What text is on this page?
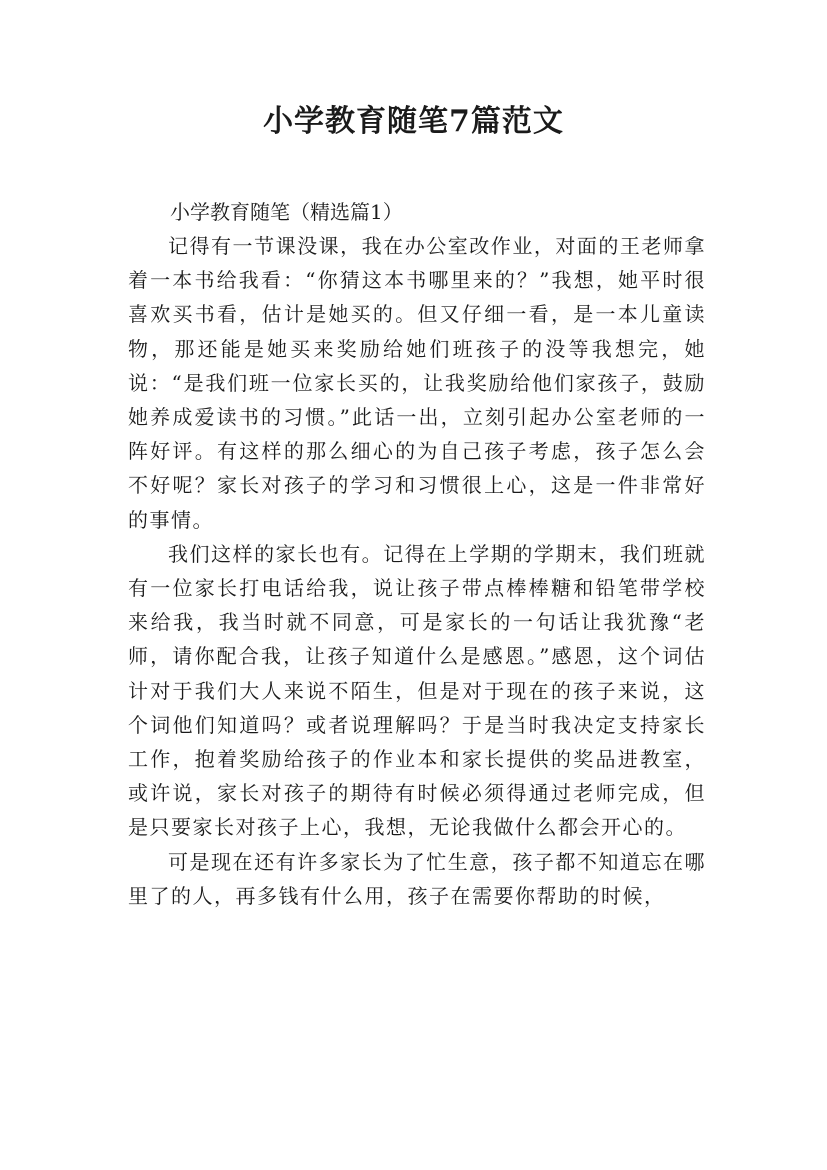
小学教育随笔7篇范文

小学教育随笔（精选篇1）

记得有一节课没课，我在办公室改作业，对面的王老师拿着一本书给我看：“你猜这本书哪里来的？”我想，她平时很喜欢买书看，估计是她买的。但又仔细一看，是一本儿童读物，那还能是她买来奖励给她们班孩子的没等我想完，她说：“是我们班一位家长买的，让我奖励给他们家孩子，鼓励她养成爱读书的习惯。”此话一出，立刻引起办公室老师的一阵好评。有这样的那么细心的为自己孩子考虑，孩子怎么会不好呢？家长对孩子的学习和习惯很上心，这是一件非常好的事情。

我们这样的家长也有。记得在上学期的学期末，我们班就有一位家长打电话给我，说让孩子带点棒棒糖和铅笔带学校来给我，我当时就不同意，可是家长的一句话让我犹豫“老师，请你配合我，让孩子知道什么是感恩。”感恩，这个词估计对于我们大人来说不陌生，但是对于现在的孩子来说，这个词他们知道吗？或者说理解吗？于是当时我决定支持家长工作，抱着奖励给孩子的作业本和家长提供的奖品进教室，或许说，家长对孩子的期待有时候必须得通过老师完成，但是只要家长对孩子上心，我想，无论我做什么都会开心的。

可是现在还有许多家长为了忙生意，孩子都不知道忘在哪里了的人，再多钱有什么用，孩子在需要你帮助的时候，
